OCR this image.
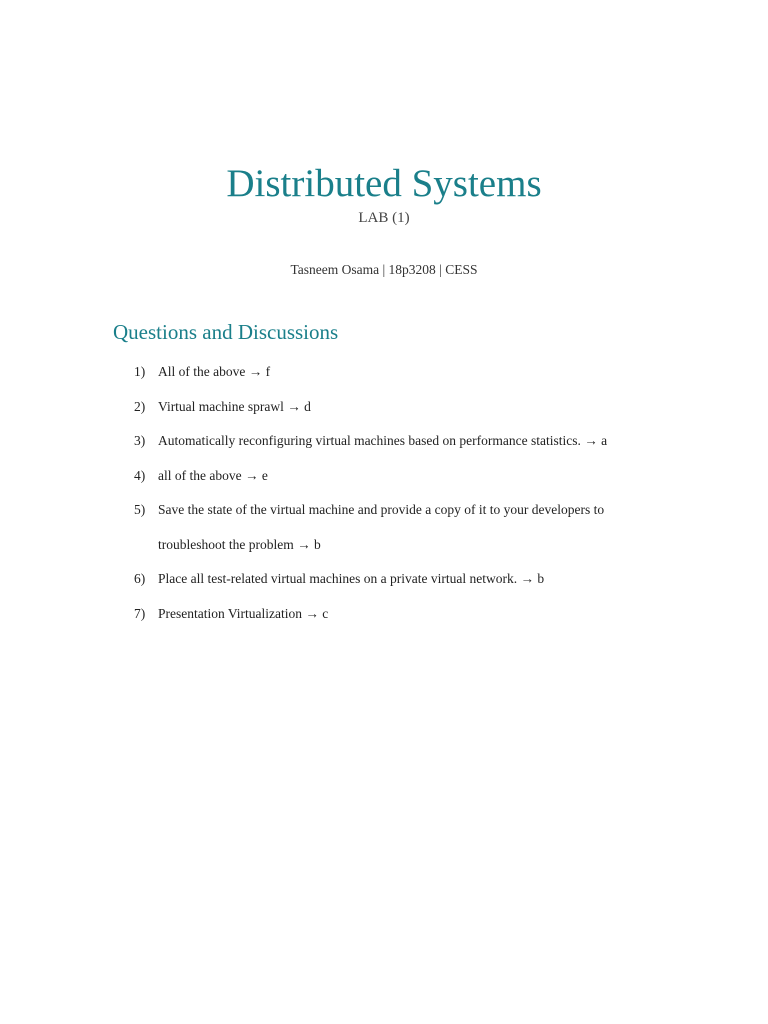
Distributed Systems
LAB (1)
Tasneem Osama | 18p3208 | CESS
Questions and Discussions
1) All of the above → f
2) Virtual machine sprawl → d
3) Automatically reconfiguring virtual machines based on performance statistics. → a
4) all of the above → e
5) Save the state of the virtual machine and provide a copy of it to your developers to troubleshoot the problem → b
6) Place all test-related virtual machines on a private virtual network. → b
7) Presentation Virtualization → c
